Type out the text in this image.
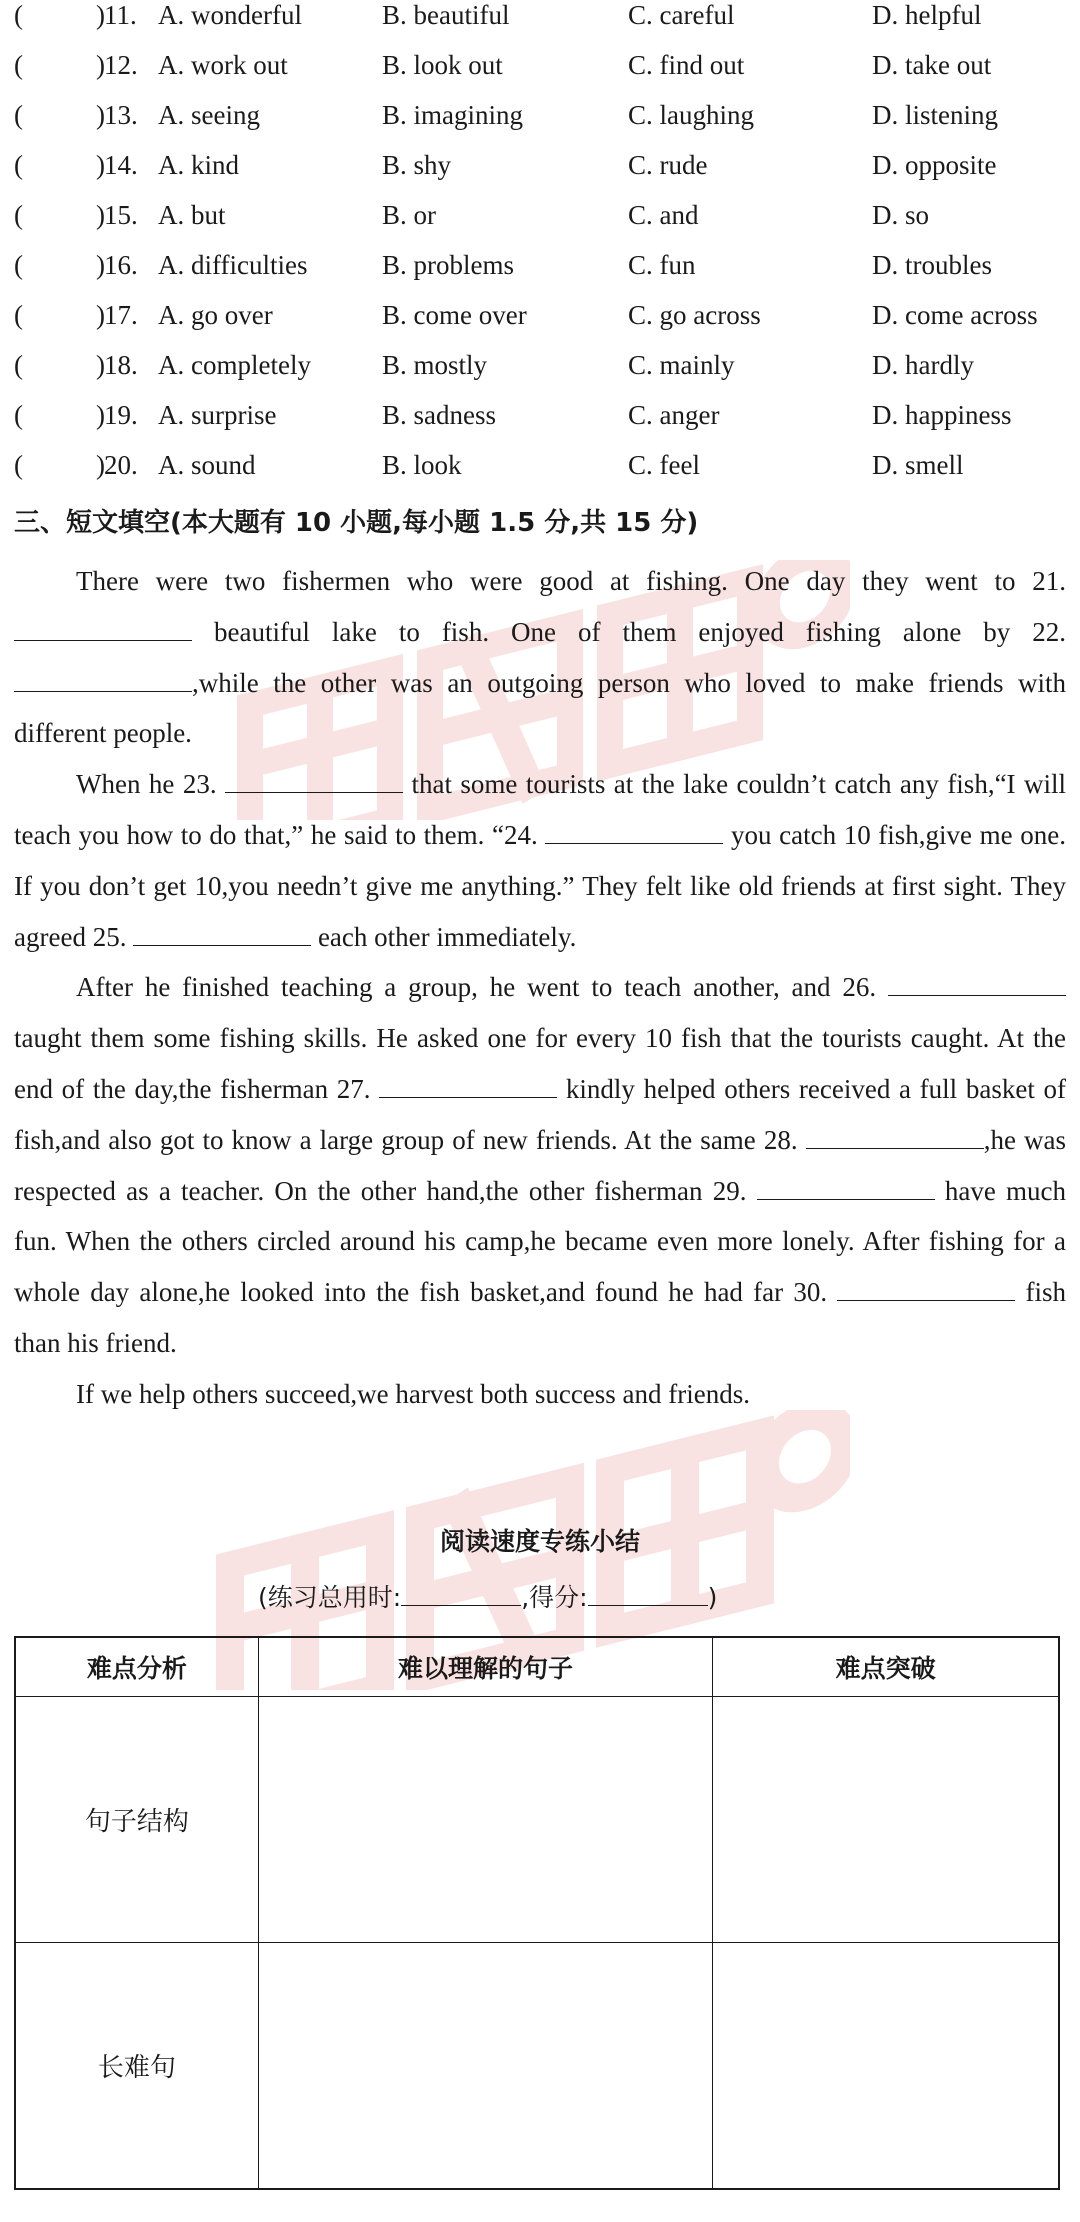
(	) 11. A. wonderful	B. beautiful	C. careful	D. helpful
(	) 12. A. work out	B. look out	C. find out	D. take out
(	) 13. A. seeing	B. imagining	C. laughing	D. listening
(	) 14. A. kind	B. shy	C. rude	D. opposite
(	) 15. A. but	B. or	C. and	D. so
(	) 16. A. difficulties	B. problems	C. fun	D. troubles
(	) 17. A. go over	B. come over	C. go across	D. come across
(	) 18. A. completely	B. mostly	C. mainly	D. hardly
(	) 19. A. surprise	B. sadness	C. anger	D. happiness
(	) 20. A. sound	B. look	C. feel	D. smell
三、短文填空(本大题有 10 小题,每小题 1.5 分,共 15 分)

There were two fishermen who were good at fishing. One day they went to 21.  beautiful lake to fish. One of them enjoyed fishing alone by 22. ,while the other was an outgoing person who loved to make friends with different people.

When he 23.	that some tourists at the lake couldn’t catch any fish,“I will teach you how to do that,” he said to them. “24.	you catch 10 fish,give me one. If you don’t get 10,you needn’t give me anything.” They felt like old friends at first sight. They agreed 25.	each other immediately.

After he finished teaching a group, he went to teach another, and 26.  taught them some fishing skills. He asked one for every 10 fish that the tourists caught. At the end of the day,the fisherman 27.	kindly helped others received a full basket of fish,and also got to know a large group of new friends. At the same 28.	,he was respected as a teacher. On the other hand,the other fisherman 29.	have much fun. When the others circled around his camp,he became even more lonely. After fishing for a whole day alone,he looked into the fish basket,and found he had far 30.	fish than his friend.

If we help others succeed,we harvest both success and friends.

阅读速度专练小结
(练习总用时:	,得分:	)
难点分析	难以理解的句子	难点突破
句子结构		
长难句		
